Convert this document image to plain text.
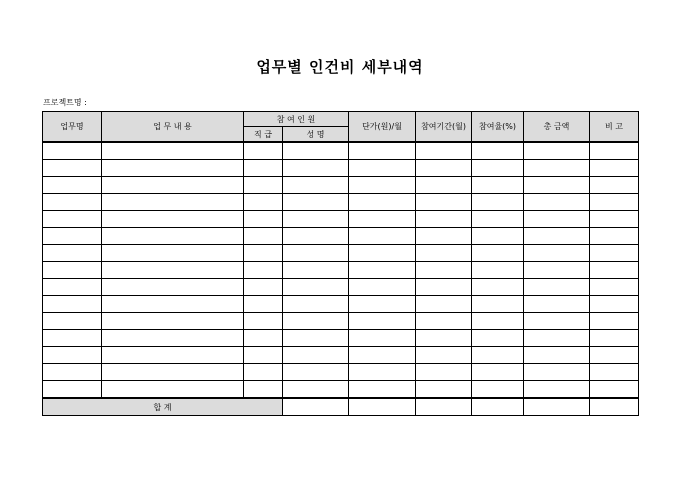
업무별 인건비 세부내역
프로젝트명 :
업무명	업 무 내 용	참 여 인 원		단가(원)/월	참여기간(월)	참여율(%)	총 금액	비 고
		직 급	성 명					

합 계								
